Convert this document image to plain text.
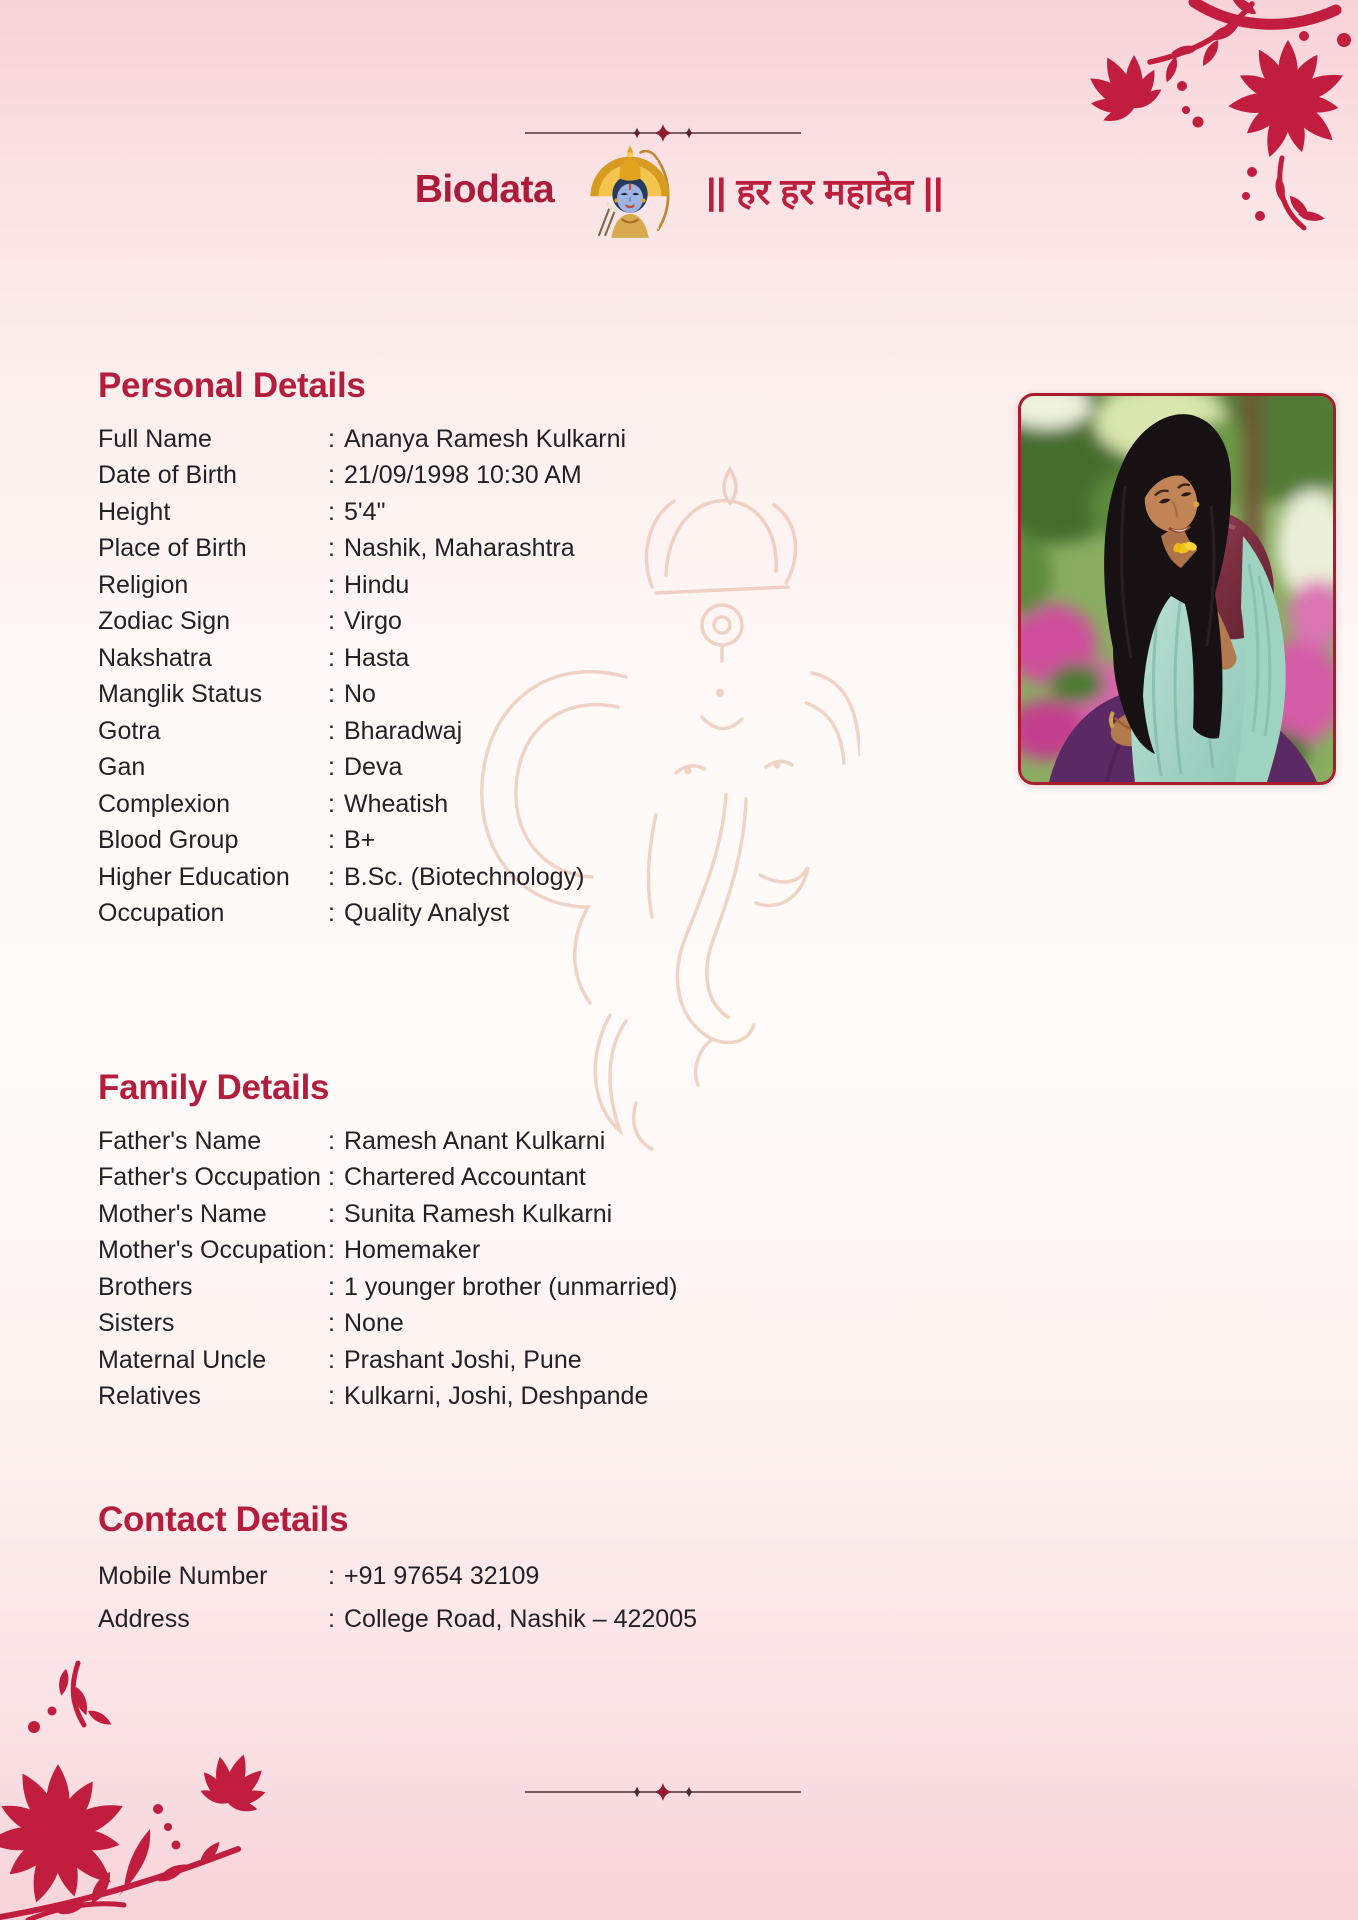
Biodata	|| हर हर महादेव ||
Personal Details
Full Name	: Ananya Ramesh Kulkarni
Date of Birth	: 21/09/1998 10:30 AM
Height	: 5'4"
Place of Birth	: Nashik, Maharashtra
Religion	: Hindu
Zodiac Sign	: Virgo
Nakshatra	: Hasta
Manglik Status	: No
Gotra	: Bharadwaj
Gan	: Deva
Complexion	: Wheatish
Blood Group	: B+
Higher Education	: B.Sc. (Biotechnology)
Occupation	: Quality Analyst
Family Details
Father's Name	: Ramesh Anant Kulkarni
Father's Occupation : Chartered Accountant
Mother's Name	: Sunita Ramesh Kulkarni
Mother's Occupation : Homemaker
Brothers	: 1 younger brother (unmarried)
Sisters	: None
Maternal Uncle	: Prashant Joshi, Pune
Relatives	: Kulkarni, Joshi, Deshpande
Contact Details
Mobile Number	: +91 97654 32109
Address	: College Road, Nashik – 422005
